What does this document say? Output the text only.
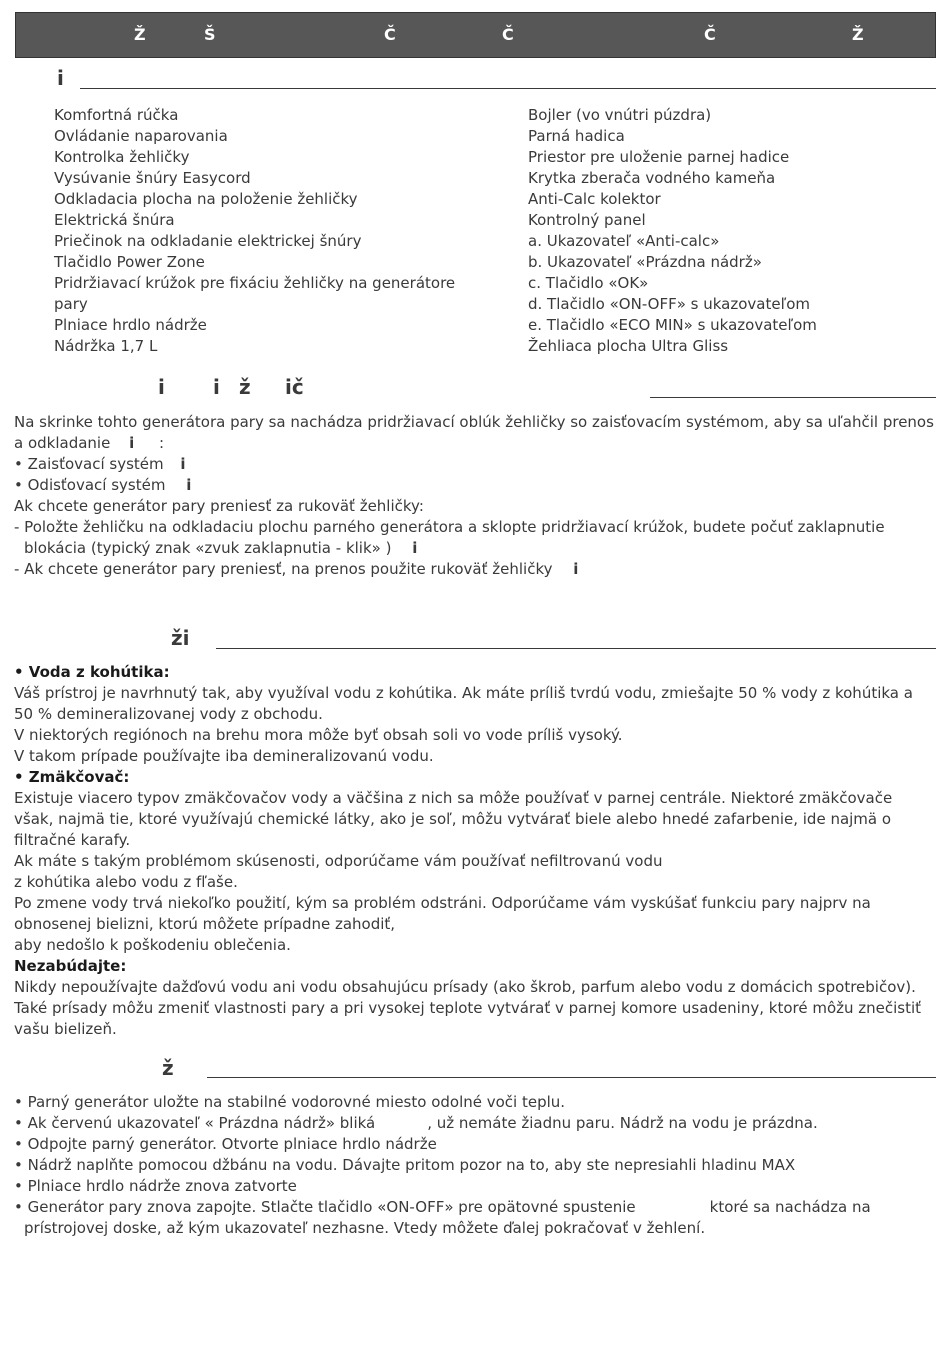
Ž	Š	Č	Č	Č	Ž
i
Komfortná rúčka
Ovládanie naparovania
Kontrolka žehličky
Vysúvanie šnúry Easycord
Odkladacia plocha na položenie žehličky
Elektrická šnúra
Priečinok na odkladanie elektrickej šnúry
Tlačidlo Power Zone
Pridržiavací krúžok pre fixáciu žehličky na generátore
pary
Plniace hrdlo nádrže
Nádržka 1,7 L
Bojler (vo vnútri púzdra)
Parná hadica
Priestor pre uloženie parnej hadice
Krytka zberača vodného kameňa
Anti-Calc kolektor
Kontrolný panel
a. Ukazovateľ «Anti-calc»
b. Ukazovateľ «Prázdna nádrž»
c. Tlačidlo «OK»
d. Tlačidlo «ON-OFF» s ukazovateľom
e. Tlačidlo «ECO MIN» s ukazovateľom
Žehliaca plocha Ultra Gliss
i i ž ič
Na skrinke tohto generátora pary sa nachádza pridržiavací oblúk žehličky so zaisťovacím systémom, aby sa uľahčil prenos
a odkladanie i :
• Zaisťovací systém i
• Odisťovací systém i
Ak chcete generátor pary preniesť za rukoväť žehličky:
- Položte žehličku na odkladaciu plochu parného generátora a sklopte pridržiavací krúžok, budete počuť zaklapnutie
blokácia (typický znak «zvuk zaklapnutia - klik» ) i
- Ak chcete generátor pary preniesť, na prenos použite rukoväť žehličky i
ži
• Voda z kohútika:
Váš prístroj je navrhnutý tak, aby využíval vodu z kohútika. Ak máte príliš tvrdú vodu, zmiešajte 50 % vody z kohútika a
50 % demineralizovanej vody z obchodu.
V niektorých regiónoch na brehu mora môže byť obsah soli vo vode príliš vysoký.
V takom prípade používajte iba demineralizovanú vodu.
• Zmäkčovač:
Existuje viacero typov zmäkčovačov vody a väčšina z nich sa môže používať v parnej centrále. Niektoré zmäkčovače
však, najmä tie, ktoré využívajú chemické látky, ako je soľ, môžu vytvárať biele alebo hnedé zafarbenie, ide najmä o
filtračné karafy.
Ak máte s takým problémom skúsenosti, odporúčame vám používať nefiltrovanú vodu
z kohútika alebo vodu z fľaše.
Po zmene vody trvá niekoľko použití, kým sa problém odstráni. Odporúčame vám vyskúšať funkciu pary najprv na
obnosenej bielizni, ktorú môžete prípadne zahodiť,
aby nedošlo k poškodeniu oblečenia.
Nezabúdajte:
Nikdy nepoužívajte dažďovú vodu ani vodu obsahujúcu prísady (ako škrob, parfum alebo vodu z domácich spotrebičov).
Také prísady môžu zmeniť vlastnosti pary a pri vysokej teplote vytvárať v parnej komore usadeniny, ktoré môžu znečistiť
vašu bielizeň.
ž
• Parný generátor uložte na stabilné vodorovné miesto odolné voči teplu.
• Ak červenú ukazovateľ « Prázdna nádrž» bliká	, už nemáte žiadnu paru. Nádrž na vodu je prázdna.
• Odpojte parný generátor. Otvorte plniace hrdlo nádrže
• Nádrž naplňte pomocou džbánu na vodu. Dávajte pritom pozor na to, aby ste nepresiahli hladinu MAX
• Plniace hrdlo nádrže znova zatvorte
• Generátor pary znova zapojte. Stlačte tlačidlo «ON-OFF» pre opätovné spustenie	ktoré sa nachádza na
prístrojovej doske, až kým ukazovateľ nezhasne. Vtedy môžete ďalej pokračovať v žehlení.
